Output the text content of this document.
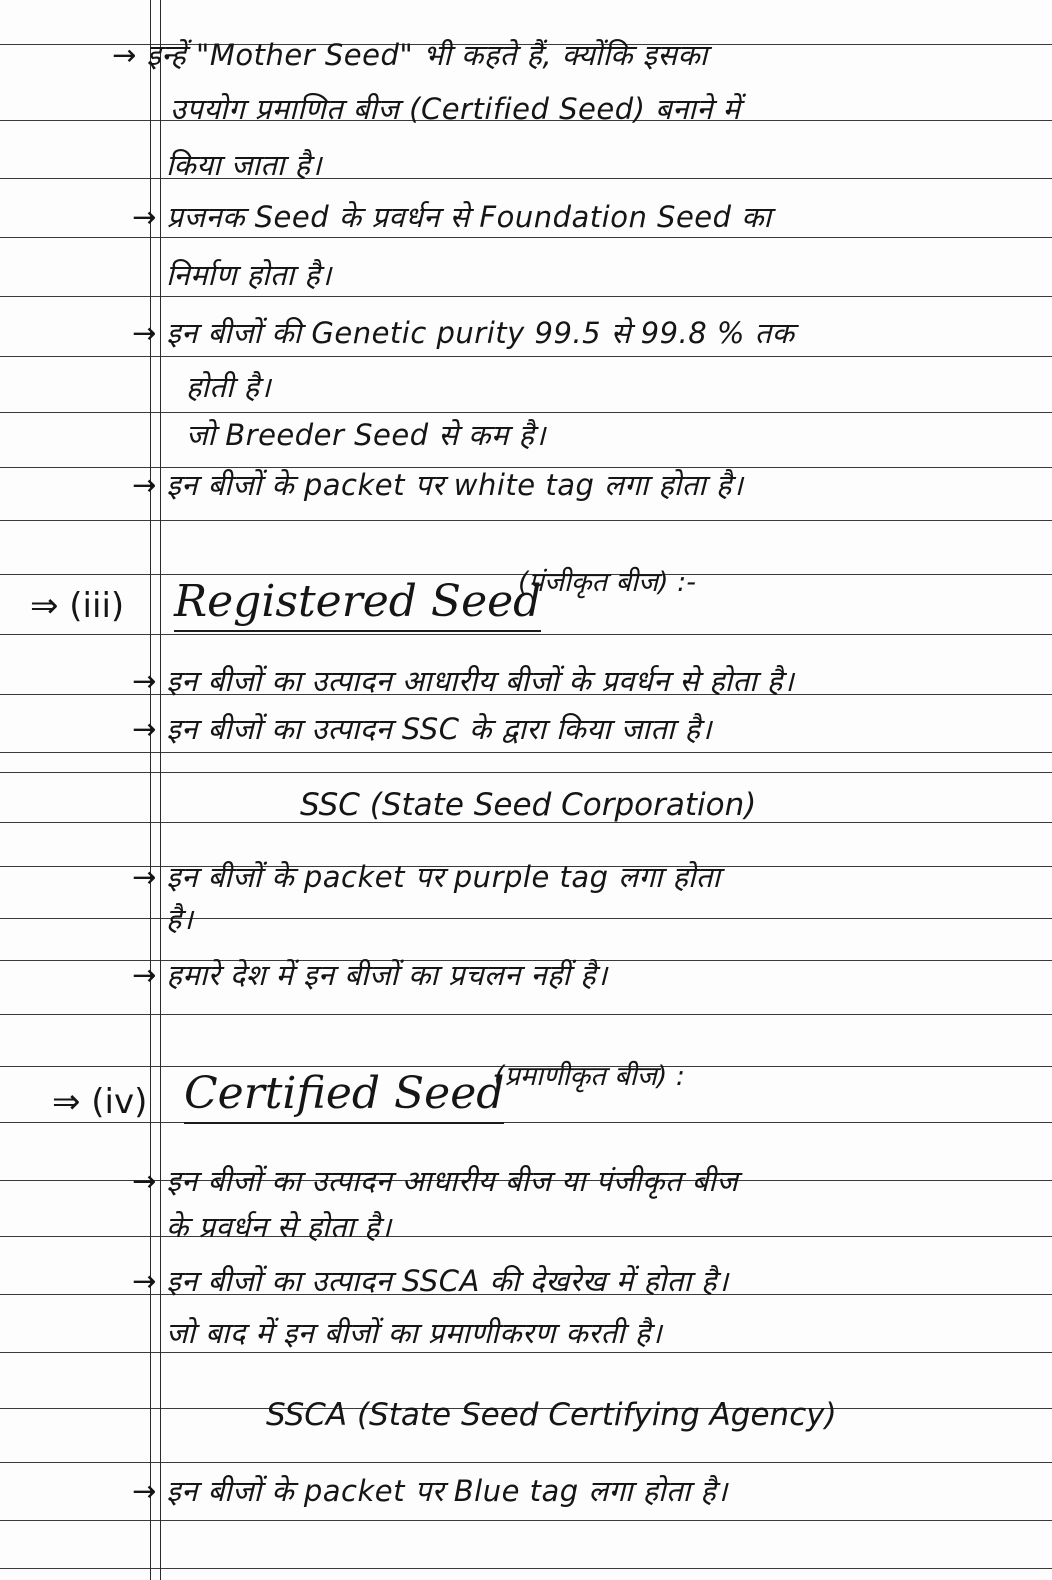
→ इन्हें "Mother Seed" भी कहते हैं, क्योंकि इसका
उपयोग प्रमाणित बीज (Certified Seed) बनाने में
किया जाता है।
→ प्रजनक Seed के प्रवर्धन से Foundation Seed का
निर्माण होता है।
→ इन बीजों की Genetic purity 99.5 से 99.8 % तक
होती है।
जो Breeder Seed से कम है।
→ इन बीजों के packet पर white tag लगा होता है।
⇒ (iii) Registered Seed
(पंजीकृत बीज) :-
→ इन बीजों का उत्पादन आधारीय बीजों के प्रवर्धन से होता है।
→ इन बीजों का उत्पादन SSC के द्वारा किया जाता है।
SSC (State Seed Corporation)
→ इन बीजों के packet पर purple tag लगा होता
है।
→ हमारे देश में इन बीजों का प्रचलन नहीं है।
⇒ (iv) Certified Seed
(प्रमाणीकृत बीज) :
→ इन बीजों का उत्पादन आधारीय बीज या पंजीकृत बीज
के प्रवर्धन से होता है।
→ इन बीजों का उत्पादन SSCA की देखरेख में होता है।
जो बाद में इन बीजों का प्रमाणीकरण करती है।
SSCA (State Seed Certifying Agency)
→ इन बीजों के packet पर Blue tag लगा होता है।
